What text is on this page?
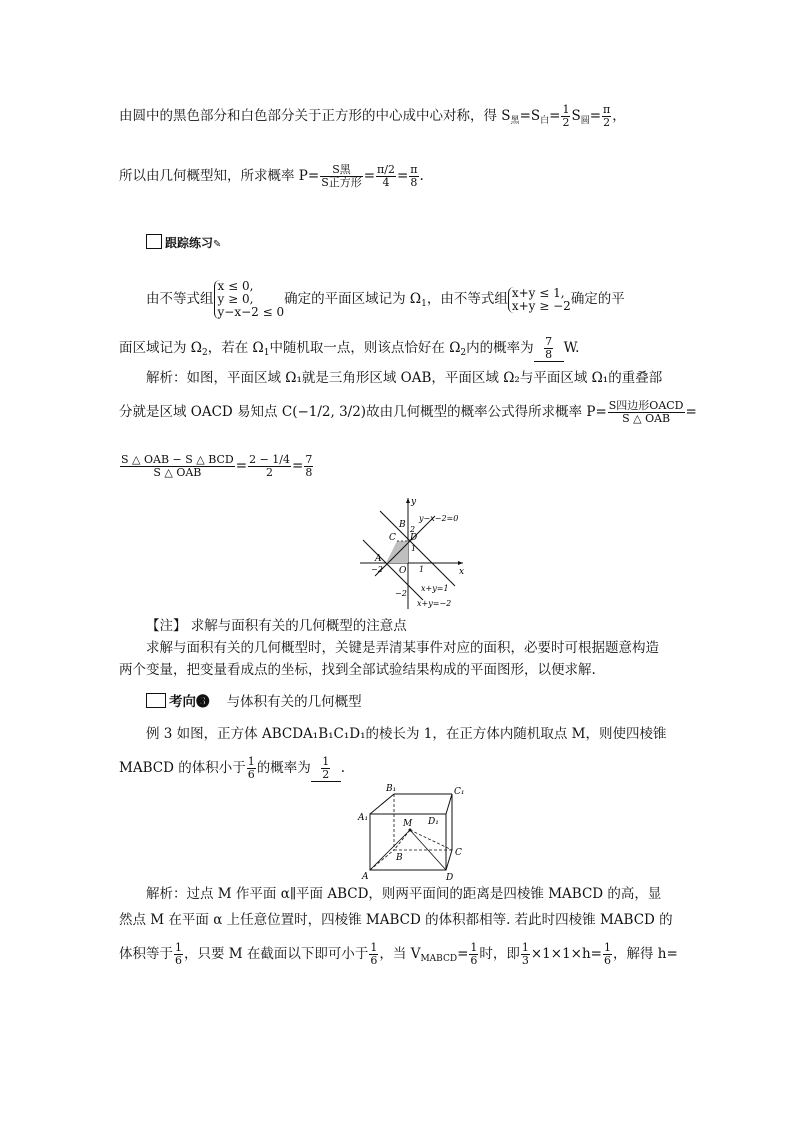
由圆中的黑色部分和白色部分关于正方形的中心成中心对称，得 $S_黑=S_白= \frac{1}{2} S_圆= \frac{\pi}{2}$ ，
所以由几何概型知，所求概率 $P= \frac{\text{S黑}}{\text{S正方形}} = \frac{\pi/2}{4} = \frac{\pi}{8}$ .
跟踪练习✎
由不等式组
x ≤ 0,
y ≥ 0,
y−x−2 ≤ 0
确定的平面区域记为 $\Omega_1$，由不等式组 x+y ≤ 1,
x+y ≥ −2 确定的平
面区域记为 $\Omega_2$，若在 $\Omega_1$中随机取一点，则该点恰好在 $\Omega_2$内的概率为 $\frac{7}{8} W$.
解析：如图，平面区域 Ω₁就是三角形区域 OAB，平面区域 Ω₂与平面区域 Ω₁的重叠部
分就是区域 OACD 易知点 C(−1/2, 3/2)故由几何概型的概率公式得所求概率 $P= \frac{\text{S四边形OACD}}{\text{S △ OAB}}$ =
$\frac{\text{S △ OAB − S △ BCD}}{\text{S △ OAB}} = \frac{2 - 1/4}{2} = \frac{7}{8}$
y
x
O
A
B
C D
2
−2	1
1
−2
y−x−2=0
x+y=1
x+y=−2
【注】 求解与面积有关的几何概型的注意点
求解与面积有关的几何概型时，关键是弄清某事件对应的面积，必要时可根据题意构造
两个变量，把变量看成点的坐标，找到全部试验结果构成的平面图形，以便求解.
考向❸ 与体积有关的几何概型
例 3 如图，正方体 ABCDA₁B₁C₁D₁的棱长为 1，在正方体内随机取点 M，则使四棱锥
MABCD 的体积小于 $\frac{1}{6}$ 的概率为 $\frac{1}{2}$ .
A₁
B₁	C₁
D₁
A
B	C
D
M
解析：过点 M 作平面 α∥平面 ABCD，则两平面间的距离是四棱锥 MABCD 的高，显
然点 M 在平面 α 上任意位置时，四棱锥 MABCD 的体积都相等. 若此时四棱锥 MABCD 的
体积等于 $\frac{1}{6}$ ，只要 M 在截面以下即可小于 $\frac{1}{6}$ ，当 $V_{MABCD}= \frac{1}{6}$ 时，即 $\frac{1}{3} \times 1\times 1\times h= \frac{1}{6}$ ，解得 h=
